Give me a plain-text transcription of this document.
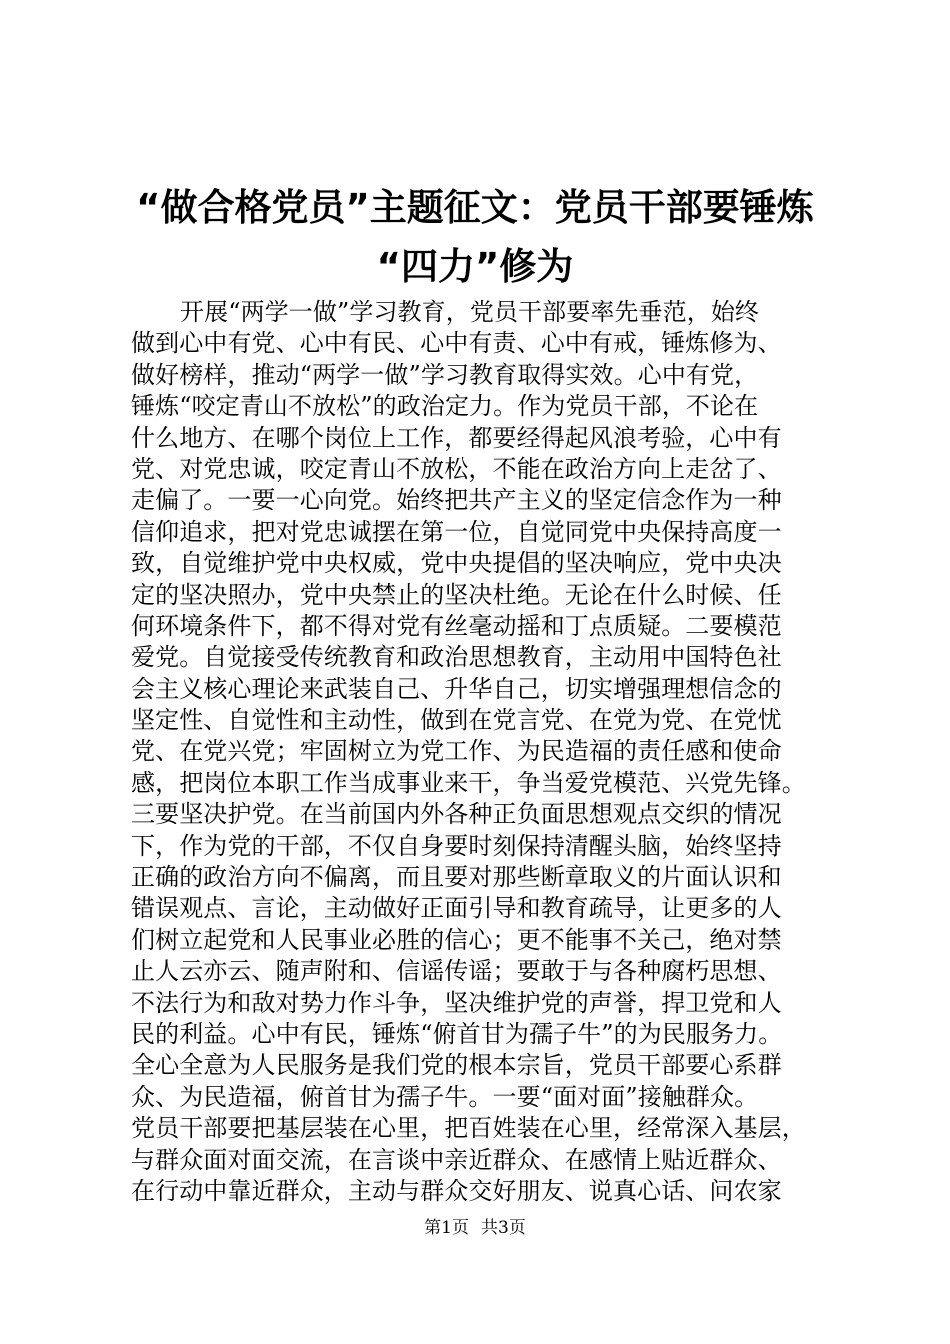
“做合格党员”主题征文：党员干部要锤炼
“四力”修为
开展“两学一做”学习教育，党员干部要率先垂范，始终
做到心中有党、心中有民、心中有责、心中有戒，锤炼修为、
做好榜样，推动“两学一做”学习教育取得实效。心中有党，
锤炼“咬定青山不放松”的政治定力。作为党员干部，不论在
什么地方、在哪个岗位上工作，都要经得起风浪考验，心中有
党、对党忠诚，咬定青山不放松，不能在政治方向上走岔了、
走偏了。一要一心向党。始终把共产主义的坚定信念作为一种
信仰追求，把对党忠诚摆在第一位，自觉同党中央保持高度一
致，自觉维护党中央权威，党中央提倡的坚决响应，党中央决
定的坚决照办，党中央禁止的坚决杜绝。无论在什么时候、任
何环境条件下，都不得对党有丝毫动摇和丁点质疑。二要模范
爱党。自觉接受传统教育和政治思想教育，主动用中国特色社
会主义核心理论来武装自己、升华自己，切实增强理想信念的
坚定性、自觉性和主动性，做到在党言党、在党为党、在党忧
党、在党兴党；牢固树立为党工作、为民造福的责任感和使命
感，把岗位本职工作当成事业来干，争当爱党模范、兴党先锋。
三要坚决护党。在当前国内外各种正负面思想观点交织的情况
下，作为党的干部，不仅自身要时刻保持清醒头脑，始终坚持
正确的政治方向不偏离，而且要对那些断章取义的片面认识和
错误观点、言论，主动做好正面引导和教育疏导，让更多的人
们树立起党和人民事业必胜的信心；更不能事不关己，绝对禁
止人云亦云、随声附和、信谣传谣；要敢于与各种腐朽思想、
不法行为和敌对势力作斗争，坚决维护党的声誉，捍卫党和人
民的利益。心中有民，锤炼“俯首甘为孺子牛”的为民服务力。
全心全意为人民服务是我们党的根本宗旨，党员干部要心系群
众、为民造福，俯首甘为孺子牛。一要“面对面”接触群众。
党员干部要把基层装在心里，把百姓装在心里，经常深入基层，
与群众面对面交流，在言谈中亲近群众、在感情上贴近群众、
在行动中靠近群众，主动与群众交好朋友、说真心话、问农家
第1页 共3页
